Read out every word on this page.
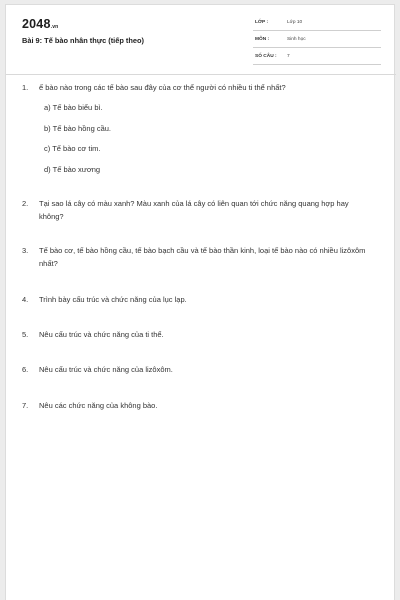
2048.vn
Bài 9: Tế bào nhân thực (tiếp theo)
LỚP :	Lớp 10
MÔN :	Sinh học
SỐ CÂU : 7
1.	ế bào nào trong các tế bào sau đây của cơ thể người có nhiều ti thể nhất?
a) Tế bào biểu bì.
b) Tế bào hồng cầu.
c) Tế bào cơ tim.
d) Tế bào xương
2.	Tại sao lá cây có màu xanh? Màu xanh của lá cây có liên quan tới chức năng quang hợp hay không?
3.	Tế bào cơ, tế bào hồng cầu, tế bào bạch cầu và tế bào thần kinh, loại tế bào nào có nhiều lizôxôm nhất?
4.	Trình bày cấu trúc và chức năng của lục lạp.
5.	Nêu cấu trúc và chức năng của ti thể.
6.	Nêu cấu trúc và chức năng của lizôxôm.
7.	Nêu các chức năng của không bào.
